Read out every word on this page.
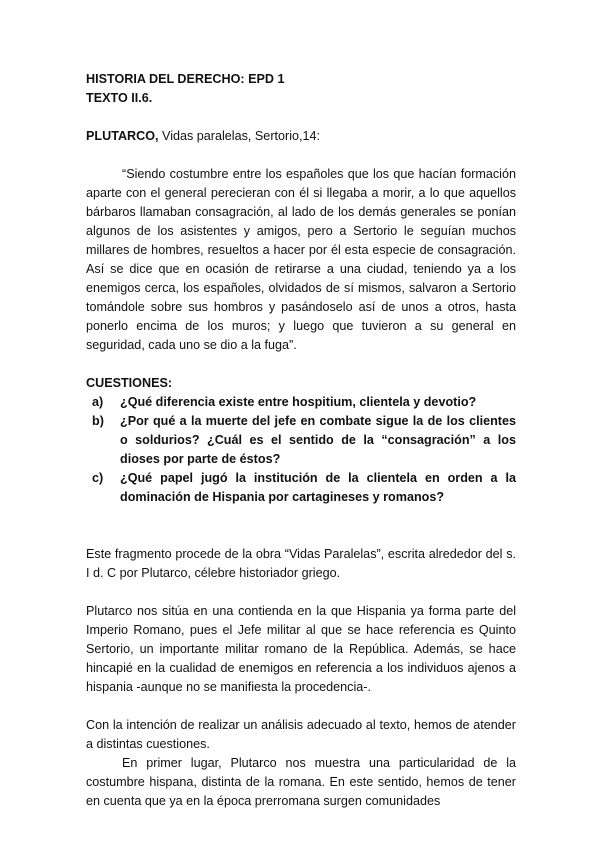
HISTORIA DEL DERECHO: EPD 1
TEXTO II.6.

PLUTARCO, Vidas paralelas, Sertorio,14:

“Siendo costumbre entre los españoles que los que hacían formación aparte con el general perecieran con él si llegaba a morir, a lo que aquellos bárbaros llamaban consagración, al lado de los demás generales se ponían algunos de los asistentes y amigos, pero a Sertorio le seguían muchos millares de hombres, resueltos a hacer por él esta especie de consagración. Así se dice que en ocasión de retirarse a una ciudad, teniendo ya a los enemigos cerca, los españoles, olvidados de sí mismos, salvaron a Sertorio tomándole sobre sus hombros y pasándoselo así de unos a otros, hasta ponerlo encima de los muros; y luego que tuvieron a su general en seguridad, cada uno se dio a la fuga”.

CUESTIONES:

a)	¿Qué diferencia existe entre hospitium, clientela y devotio?
b)	¿Por qué a la muerte del jefe en combate sigue la de los clientes o soldurios? ¿Cuál es el sentido de la “consagración” a los dioses por parte de éstos?
c)	¿Qué papel jugó la institución de la clientela en orden a la dominación de Hispania por cartagineses y romanos?

Este fragmento procede de la obra “Vidas Paralelas”, escrita alrededor del s. I d. C por Plutarco, célebre historiador griego.

Plutarco nos sitúa en una contienda en la que Hispania ya forma parte del Imperio Romano, pues el Jefe militar al que se hace referencia es Quinto Sertorio, un importante militar romano de la República. Además, se hace hincapié en la cualidad de enemigos en referencia a los individuos ajenos a hispania -aunque no se manifiesta la procedencia-.

Con la intención de realizar un análisis adecuado al texto, hemos de atender a distintas cuestiones.

En primer lugar, Plutarco nos muestra una particularidad de la costumbre hispana, distinta de la romana. En este sentido, hemos de tener en cuenta que ya en la época prerromana surgen comunidades
